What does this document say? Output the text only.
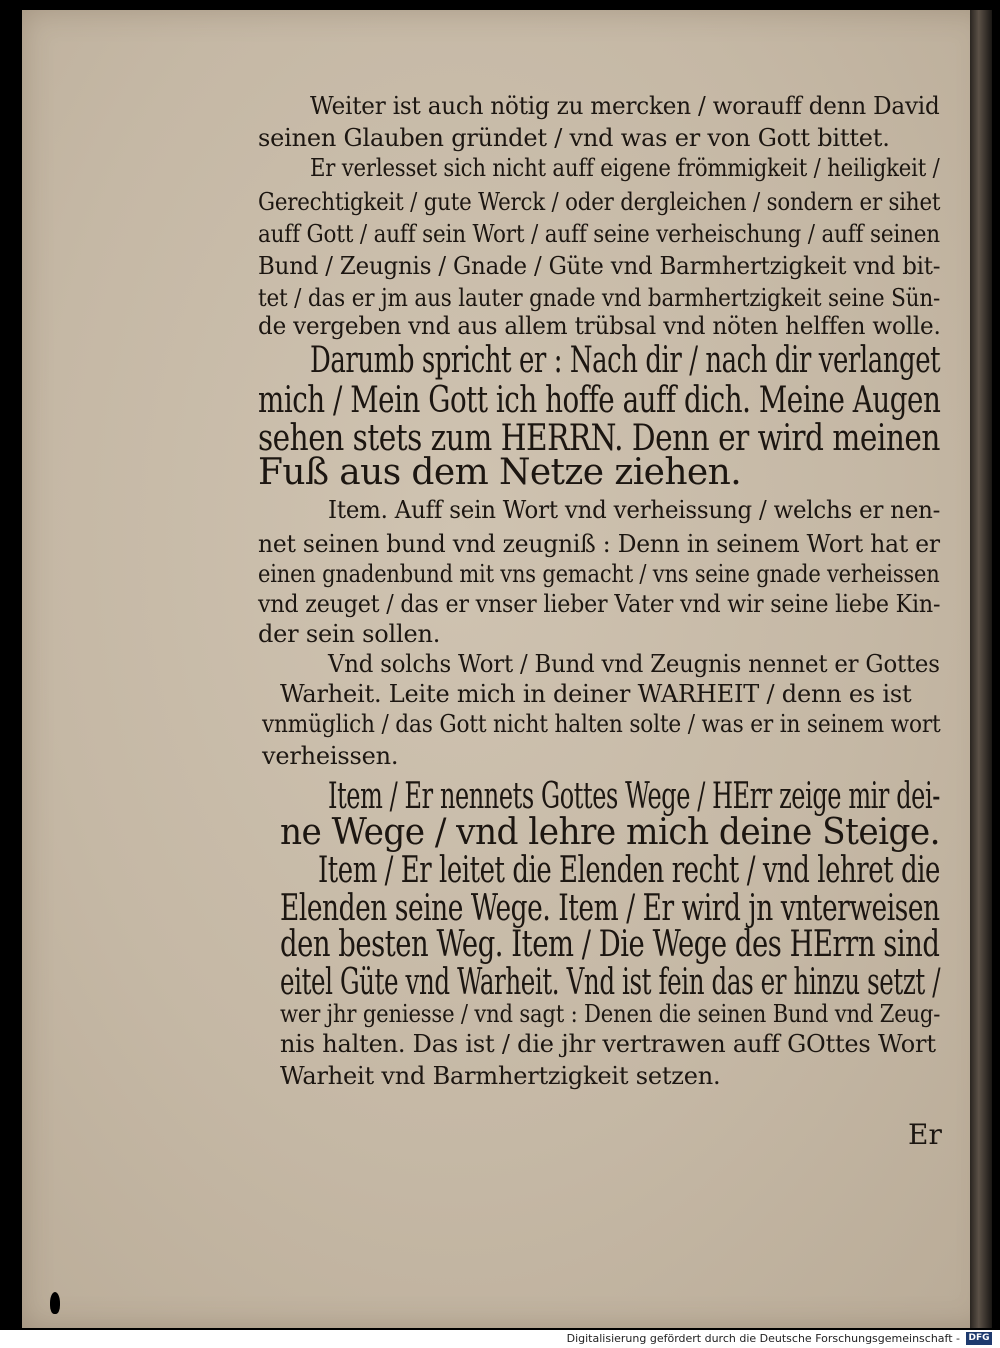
Weiter ist auch nötig zu mercken / worauff denn David
seinen Glauben gründet / vnd was er von Gott bittet.
Er verlesset sich nicht auff eigene frömmigkeit / heiligkeit /
Gerechtigkeit / gute Werck / oder dergleichen / sondern er sihet
auff Gott / auff sein Wort / auff seine verheischung / auff seinen
Bund / Zeugnis / Gnade / Güte vnd Barmhertzigkeit vnd bit-
tet / das er jm aus lauter gnade vnd barmhertzigkeit seine Sün-
de vergeben vnd aus allem trübsal vnd nöten helffen wolle.
Darumb spricht er : Nach dir / nach dir verlanget
mich / Mein Gott ich hoffe auff dich. Meine Augen
sehen stets zum HERRN. Denn er wird meinen
Fuß aus dem Netze ziehen.
Item. Auff sein Wort vnd verheissung / welchs er nen-
net seinen bund vnd zeugniß : Denn in seinem Wort hat er
einen gnadenbund mit vns gemacht / vns seine gnade verheissen
vnd zeuget / das er vnser lieber Vater vnd wir seine liebe Kin-
der sein sollen.
Vnd solchs Wort / Bund vnd Zeugnis nennet er Gottes
Warheit. Leite mich in deiner WARHEIT / denn es ist
vnmüglich / das Gott nicht halten solte / was er in seinem wort
verheissen.
Item / Er nennets Gottes Wege / HErr zeige mir dei-
ne Wege / vnd lehre mich deine Steige.
Item / Er leitet die Elenden recht / vnd lehret die
Elenden seine Wege. Item / Er wird jn vnterweisen
den besten Weg. Item / Die Wege des HErrn sind
eitel Güte vnd Warheit. Vnd ist fein das er hinzu setzt /
wer jhr geniesse / vnd sagt : Denen die seinen Bund vnd Zeug-
nis halten. Das ist / die jhr vertrawen auff GOttes Wort
Warheit vnd Barmhertzigkeit setzen.
Er
Digitalisierung gefördert durch die Deutsche Forschungsgemeinschaft - DFG
